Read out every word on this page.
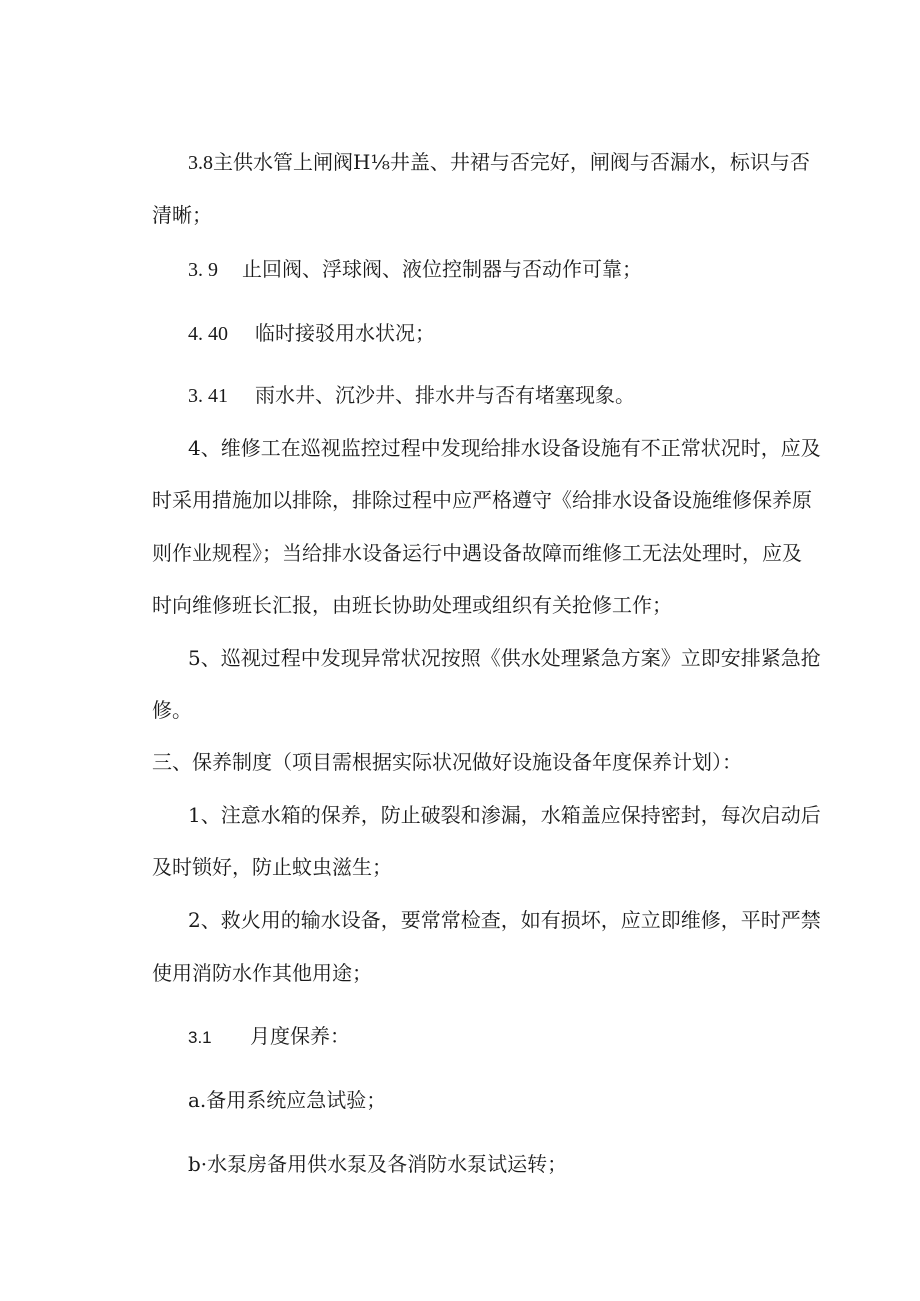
3.8主供水管上闸阀H⅛井盖、井裙与否完好，闸阀与否漏水，标识与否
清晰；
3. 9 止回阀、浮球阀、液位控制器与否动作可靠；
4. 40 临时接驳用水状况；
3. 41 雨水井、沉沙井、排水井与否有堵塞现象。
4、维修工在巡视监控过程中发现给排水设备设施有不正常状况时，应及
时采用措施加以排除，排除过程中应严格遵守《给排水设备设施维修保养原
则作业规程》；当给排水设备运行中遇设备故障而维修工无法处理时，应及
时向维修班长汇报，由班长协助处理或组织有关抢修工作；
5、巡视过程中发现异常状况按照《供水处理紧急方案》立即安排紧急抢
修。
三、保养制度（项目需根据实际状况做好设施设备年度保养计划）：
1、注意水箱的保养，防止破裂和渗漏，水箱盖应保持密封，每次启动后
及时锁好，防止蚊虫滋生；
2、救火用的输水设备，要常常检查，如有损坏，应立即维修，平时严禁
使用消防水作其他用途；
3.1 月度保养：
a.备用系统应急试验；
b·水泵房备用供水泵及各消防水泵试运转；
